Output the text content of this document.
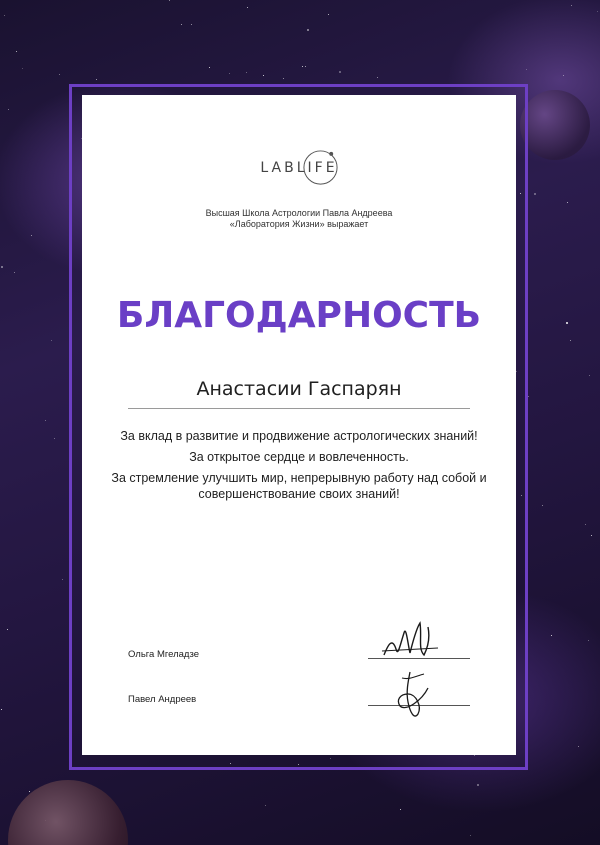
LABLIFE
Высшая Школа Астрологии Павла Андреева
«Лаборатория Жизни» выражает
БЛАГОДАРНОСТЬ
Анастасии Гаспарян

За вклад в развитие и продвижение астрологических знаний!

За открытое сердце и вовлеченность.

За стремление улучшить мир, непрерывную работу над собой и совершенствование своих знаний!

Ольга Мгеладзе
Павел Андреев
